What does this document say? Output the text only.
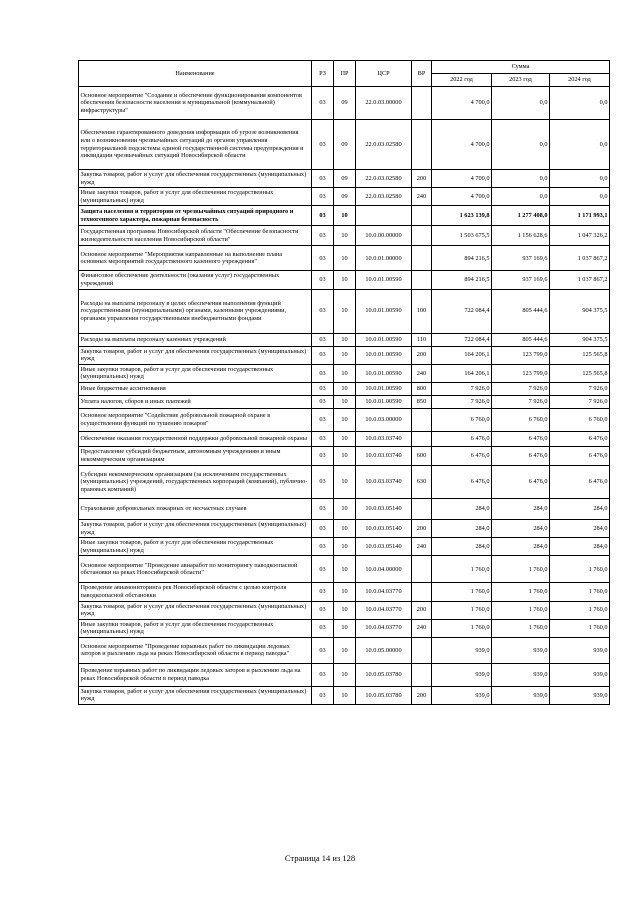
Наименование	РЗ	ПР	ЦСР	ВР	Сумма		
					2022 год	2023 год	2024 год
Основное мероприятие "Создание и обеспечение функционирования компонентов обеспечения безопасности населения и муниципальной (коммунальной) инфраструктуры"	03	09	22.0.03.00000		4 700,0	0,0	0,0
Обеспечение гарантированного доведения информации об угрозе возникновения или о возникновении чрезвычайных ситуаций до органов управления территориальной подсистемы единой государственной системы предупреждения и ликвидации чрезвычайных ситуаций Новосибирской области	03	09	22.0.03.02580		4 700,0	0,0	0,0
Закупка товаров, работ и услуг для обеспечения государственных (муниципальных) нужд	03	09	22.0.03.02580	200	4 700,0	0,0	0,0
Иные закупки товаров, работ и услуг для обеспечения государственных (муниципальных) нужд	03	09	22.0.03.02580	240	4 700,0	0,0	0,0
Защита населения и территории от чрезвычайных ситуаций природного и техногенного характера, пожарная безопасность	03	10			1 623 139,8	1 277 408,0	1 171 993,1
Государственная программа Новосибирской области "Обеспечение безопасности жизнедеятельности населения Новосибирской области"	03	10	10.0.00.00000		1 503 675,5	1 156 628,6	1 047 326,2
Основное мероприятие "Мероприятия направленные на выполнение плана основных мероприятий государственного казенного учреждения"	03	10	10.0.01.00000		894 216,5	937 169,6	1 037 867,2
Финансовое обеспечение деятельности (оказания услуг) государственных учреждений	03	10	10.0.01.00590		894 216,5	937 169,6	1 037 867,2
Расходы на выплаты персоналу в целях обеспечения выполнения функций государственными (муниципальными) органами, казенными учреждениями, органами управления государственными внебюджетными фондами	03	10	10.0.01.00590	100	722 084,4	805 444,6	904 375,5
Расходы на выплаты персоналу казенных учреждений	03	10	10.0.01.00590	110	722 084,4	805 444,6	904 375,5
Закупка товаров, работ и услуг для обеспечения государственных (муниципальных) нужд	03	10	10.0.01.00590	200	164 206,1	123 799,0	125 565,8
Иные закупки товаров, работ и услуг для обеспечения государственных (муниципальных) нужд	03	10	10.0.01.00590	240	164 206,1	123 799,0	125 565,8
Иные бюджетные ассигнования	03	10	10.0.01.00590	800	7 926,0	7 926,0	7 926,0
Уплата налогов, сборов и иных платежей	03	10	10.0.01.00590	850	7 926,0	7 926,0	7 926,0
Основное мероприятие "Содействие добровольной пожарной охране в осуществлении функций по тушению пожаров"	03	10	10.0.03.00000		6 760,0	6 760,0	6 760,0
Обеспечение оказания государственной поддержки добровольной пожарной охраны	03	10	10.0.03.03740		6 476,0	6 476,0	6 476,0
Предоставление субсидий бюджетным, автономным учреждениям и иным некоммерческим организациям	03	10	10.0.03.03740	600	6 476,0	6 476,0	6 476,0
Субсидии некоммерческим организациям (за исключением государственных (муниципальных) учреждений, государственных корпораций (компаний), публично-правовых компаний)	03	10	10.0.03.03740	630	6 476,0	6 476,0	6 476,0
Страхование добровольных пожарных от несчастных случаев	03	10	10.0.03.05140		284,0	284,0	284,0
Закупка товаров, работ и услуг для обеспечения государственных (муниципальных) нужд	03	10	10.0.03.05140	200	284,0	284,0	284,0
Иные закупки товаров, работ и услуг для обеспечения государственных (муниципальных) нужд	03	10	10.0.03.05140	240	284,0	284,0	284,0
Основное мероприятие "Проведение авиаработ по мониторингу паводкоопасной обстановки на реках Новосибирской области"	03	10	10.0.04.00000		1 760,0	1 760,0	1 760,0
Проведение авиамониторинга рек Новосибирской области с целью контроля паводкоопасной обстановки	03	10	10.0.04.03770		1 760,0	1 760,0	1 760,0
Закупка товаров, работ и услуг для обеспечения государственных (муниципальных) нужд	03	10	10.0.04.03770	200	1 760,0	1 760,0	1 760,0
Иные закупки товаров, работ и услуг для обеспечения государственных (муниципальных) нужд	03	10	10.0.04.03770	240	1 760,0	1 760,0	1 760,0
Основное мероприятие "Проведение взрывных работ по ликвидации ледовых заторов и рыхлению льда на реках Новосибирской области в период паводка"	03	10	10.0.05.00000		939,0	939,0	939,0
Проведение взрывных работ по ликвидации ледовых заторов и рыхлению льда на реках Новосибирской области в период паводка	03	10	10.0.05.03780		939,0	939,0	939,0
Закупка товаров, работ и услуг для обеспечения государственных (муниципальных) нужд	03	10	10.0.05.03780	200	939,0	939,0	939,0
Страница 14 из 128
